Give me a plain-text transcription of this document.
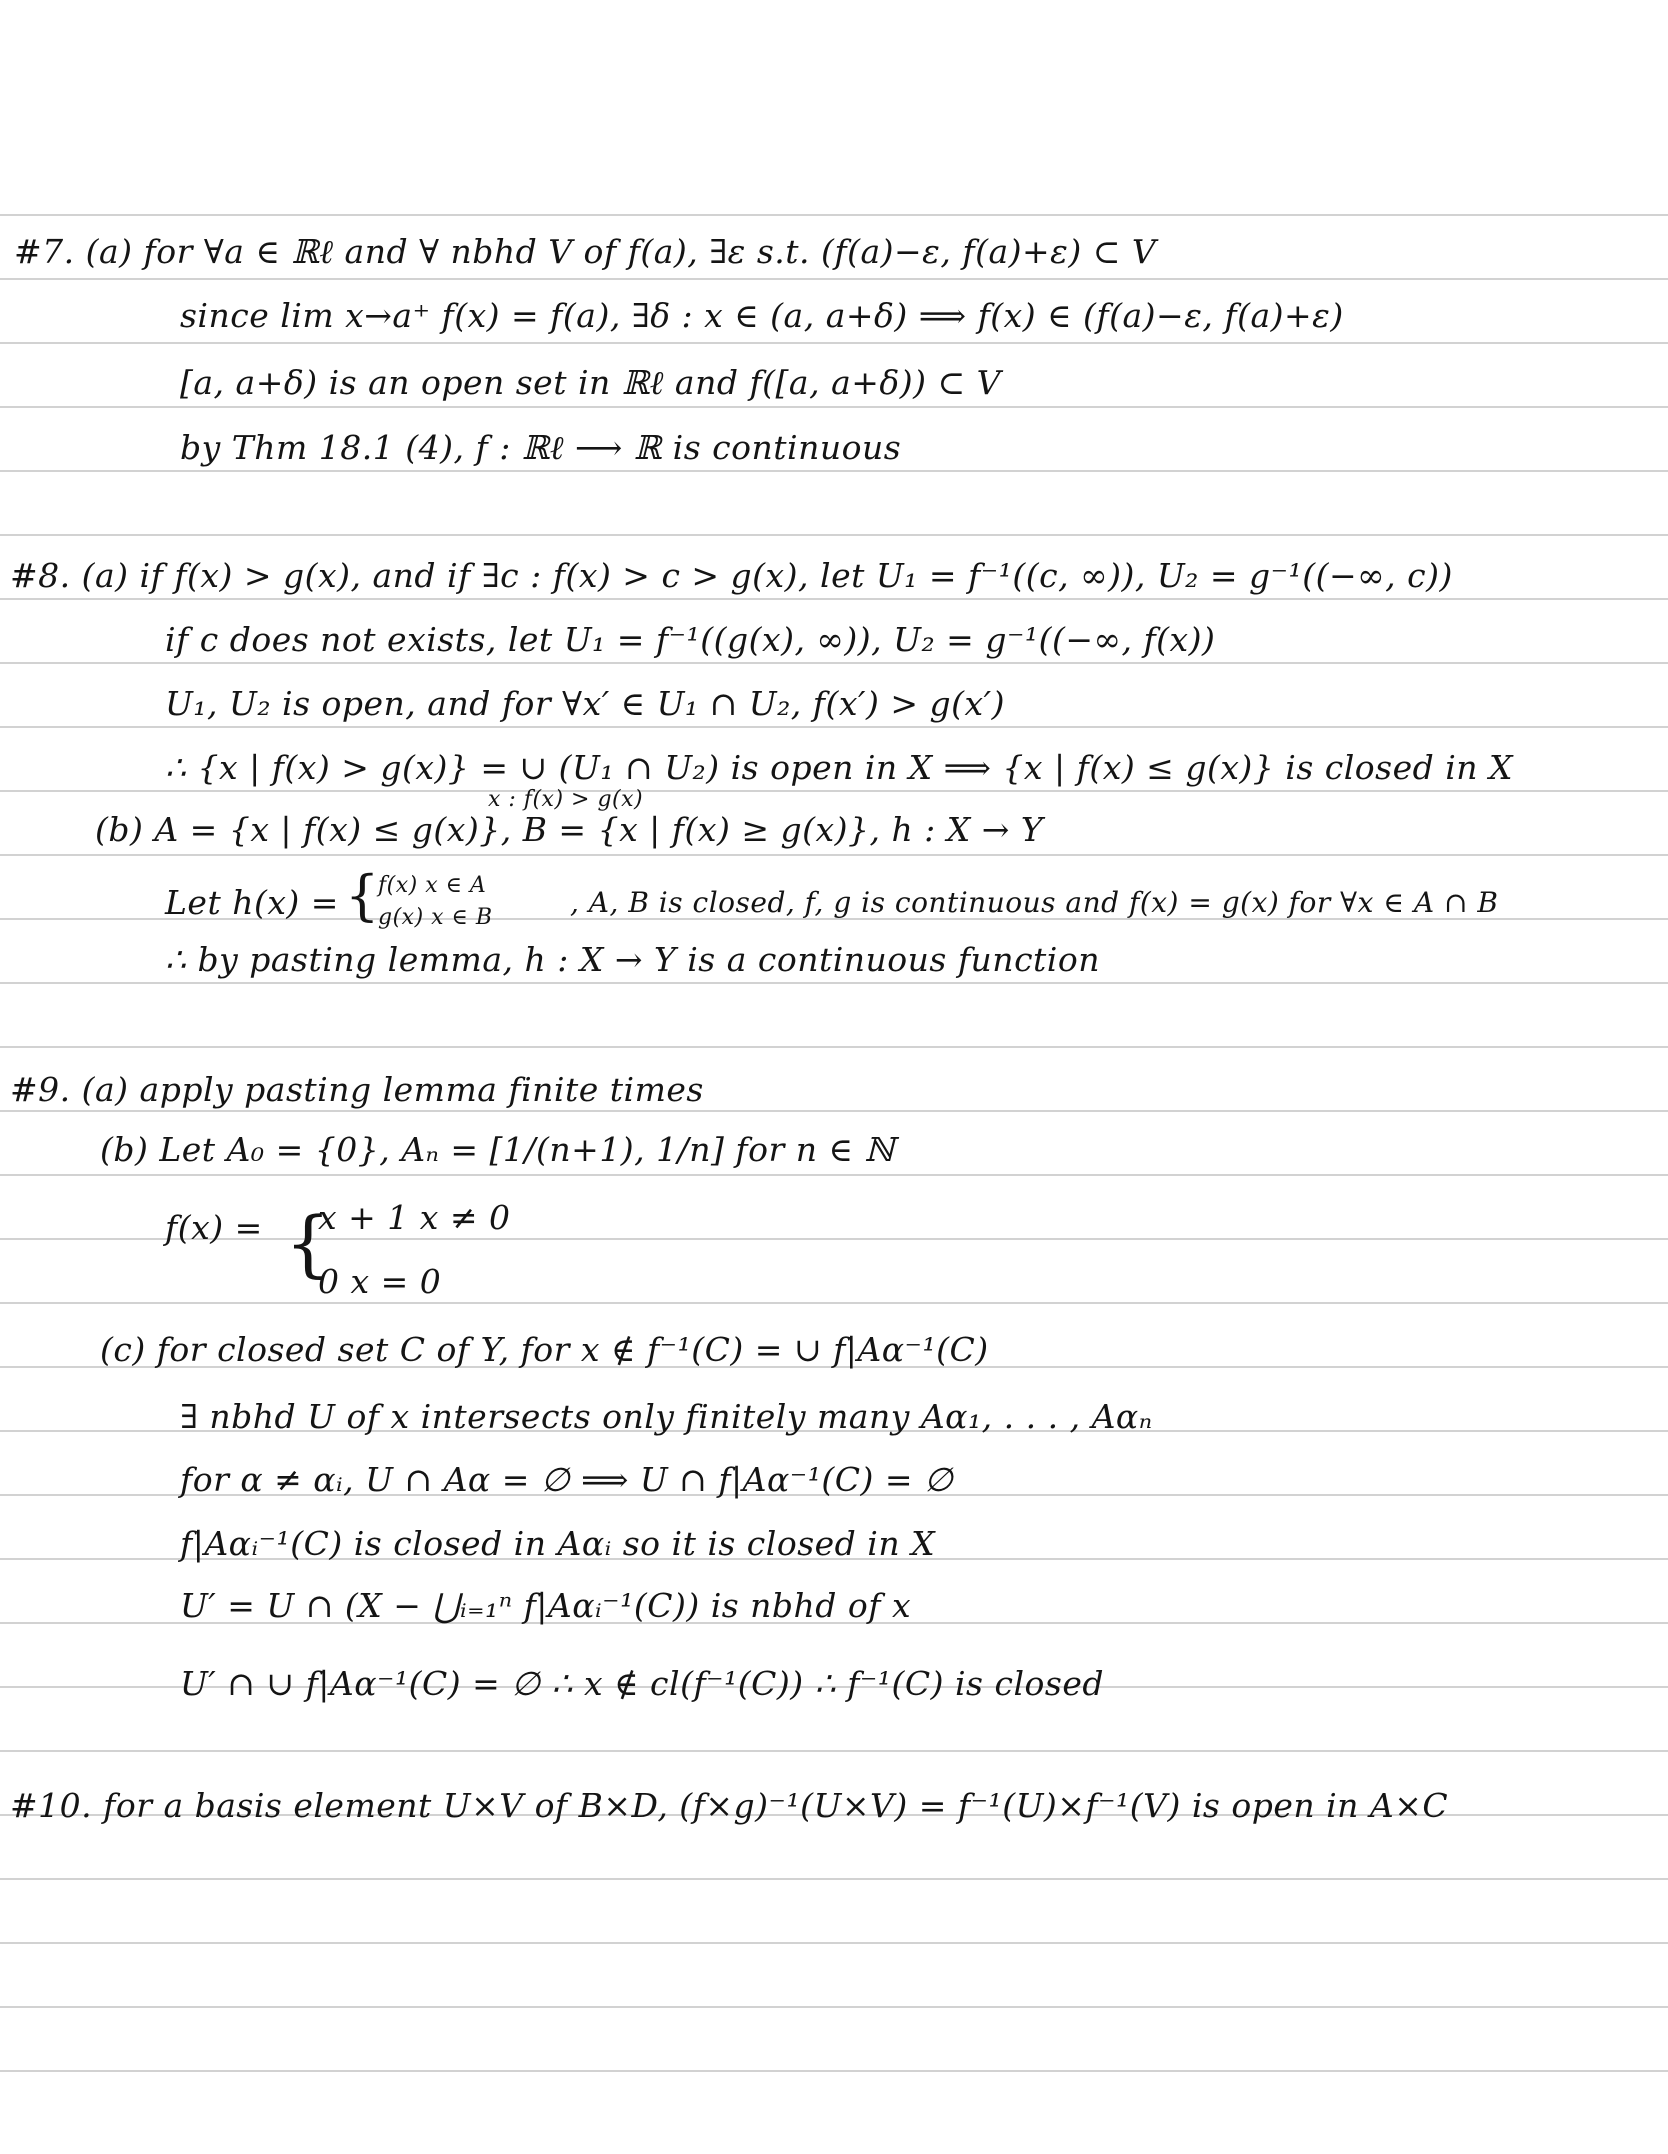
#7. (a) for ∀a ∈ ℝℓ and ∀ nbhd V of f(a), ∃ε s.t. (f(a)−ε, f(a)+ε) ⊂ V
since lim x→a⁺ f(x) = f(a), ∃δ : x ∈ (a, a+δ) ⟹ f(x) ∈ (f(a)−ε, f(a)+ε)
[a, a+δ) is an open set in ℝℓ and f([a, a+δ)) ⊂ V
by Thm 18.1 (4), f : ℝℓ ⟶ ℝ is continuous
#8. (a) if f(x) > g(x), and if ∃c : f(x) > c > g(x), let U₁ = f⁻¹((c, ∞)), U₂ = g⁻¹((−∞, c))
if c does not exists, let U₁ = f⁻¹((g(x), ∞)), U₂ = g⁻¹((−∞, f(x))
U₁, U₂ is open, and for ∀x′ ∈ U₁ ∩ U₂, f(x′) > g(x′)
∴ {x | f(x) > g(x)} = ∪ (U₁ ∩ U₂) is open in X ⟹ {x | f(x) ≤ g(x)} is closed in X
x : f(x) > g(x)
(b) A = {x | f(x) ≤ g(x)}, B = {x | f(x) ≥ g(x)}, h : X → Y
Let h(x) = {
f(x) x ∈ A
g(x) x ∈ B	, A, B is closed, f, g is continuous and f(x) = g(x) for ∀x ∈ A ∩ B
∴ by pasting lemma, h : X → Y is a continuous function
#9. (a) apply pasting lemma finite times
(b) Let A₀ = {0}, Aₙ = [1/(n+1), 1/n] for n ∈ ℕ
f(x) = {
x + 1 x ≠ 0
0 x = 0
(c) for closed set C of Y, for x ∉ f⁻¹(C) = ∪ f|Aα⁻¹(C)
∃ nbhd U of x intersects only finitely many Aα₁, . . . , Aαₙ
for α ≠ αᵢ, U ∩ Aα = ∅ ⟹ U ∩ f|Aα⁻¹(C) = ∅
f|Aαᵢ⁻¹(C) is closed in Aαᵢ so it is closed in X
U′ = U ∩ (X − ⋃ᵢ₌₁ⁿ f|Aαᵢ⁻¹(C)) is nbhd of x
U′ ∩ ∪ f|Aα⁻¹(C) = ∅ ∴ x ∉ cl(f⁻¹(C)) ∴ f⁻¹(C) is closed
#10. for a basis element U×V of B×D, (f×g)⁻¹(U×V) = f⁻¹(U)×f⁻¹(V) is open in A×C
